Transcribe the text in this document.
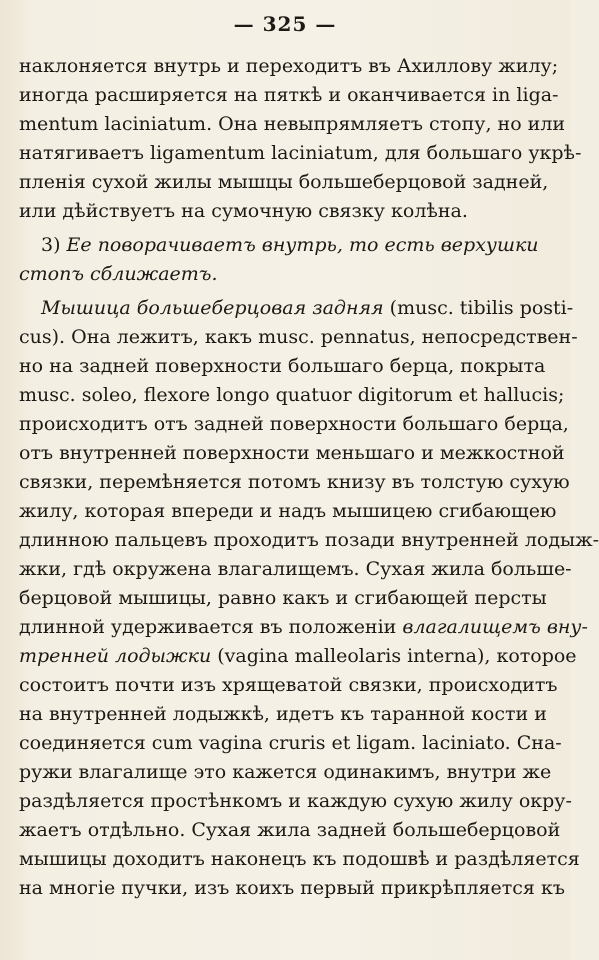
— 325 —
наклоняется внутрь и переходитъ въ Ахиллову жилу;
иногда расширяется на пяткѣ и оканчивается in liga-
mentum laciniatum. Она невыпрямляетъ стопу, но или
натягиваетъ ligamentum laciniatum, для большаго укрѣ-
пленія сухой жилы мышцы большеберцовой задней,
или дѣйствуетъ на сумочную связку колѣна.
3) Ее поворачиваетъ внутрь, то есть верхушки
стопъ сближаетъ.
Мышица большеберцовая задняя (musc. tibilis posti-
cus). Она лежитъ, какъ musc. pennatus, непосредствен-
но на задней поверхности большаго берца, покрыта
musc. soleo, flexore longo quatuor digitorum et hallucis;
происходитъ отъ задней поверхности большаго берца,
отъ внутренней поверхности меньшаго и межкостной
связки, перемѣняется потомъ книзу въ толстую сухую
жилу, которая впереди и надъ мышицею сгибающею
длинною пальцевъ проходитъ позади внутренней лодыж-
жки, гдѣ окружена влагалищемъ. Сухая жила больше-
берцовой мышицы, равно какъ и сгибающей персты
длинной удерживается въ положеніи влагалищемъ вну-
тренней лодыжки (vagina malleolaris interna), которое
состоитъ почти изъ хрящеватой связки, происходитъ
на внутренней лодыжкѣ, идетъ къ таранной кости и
соединяется cum vagina cruris et ligam. laciniato. Сна-
ружи влагалище это кажется одинакимъ, внутри же
раздѣляется простѣнкомъ и каждую сухую жилу окру-
жаетъ отдѣльно. Сухая жила задней большеберцовой
мышицы доходитъ наконецъ къ подошвѣ и раздѣляется
на многіе пучки, изъ коихъ первый прикрѣпляется къ
